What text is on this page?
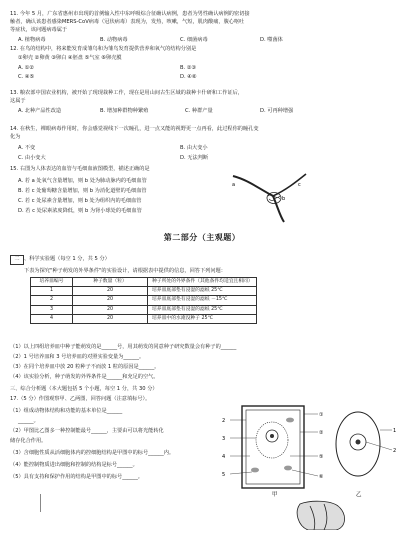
11. 今年 5 月，广东省惠州市出现的首例输入性中东呼吸综合征确认病例，患者为男性确认病例的密切接
触者，确认该患者感染MERS-CoV病毒（冠状病毒）表现为，发热，咳嗽，气短，肌肉酸痛，腹心呕吐
等症状，该问题病毒属于
A. 植物病毒	B. 动物病毒	C. 细菌病毒	D. 噬菌体
12. 在鸟的结构中，将来能发育成雏鸟和为雏鸟发育提供营养和氧气的结构分别是
①卵壳 ②卵黄 ③卵白 ④胚盘 ⑤气室 ⑥卵壳膜
A. ①②	B. ②③
C. ④⑤	D. ④⑥
13. 粮农部中国农业机构，被开始了现现栽种工作，现在是用山间古生区域的栽种卡什研和工作证后，
这属于
A. 北种产品性改造	B. 增加种群物种繁殖	C. 种群产量	D. 可再种增强
14. 在秋生，裸眼病毒作用时，你会感觉视线下一次瞳孔，进一点又能的视野更一点再看，此过程你的瞳孔变
化为
A. 不变	B. 由大变小
C. 由小变大	D. 无法判断
15. 右图为人体表达的血管与毛细血液图模型，描述正确的是
A. 若 a 处氧气含量增加，则 b 处为肺动脉内的毛细血管
B. 若 c 处葡萄糖含量增加，则 b 为消化道壁的毛细血管
C. 若 c 处尿素含量增加，则 b 处为组织内的毛细血管
D. 若 c 处尿素浓度降低，则 b 为肾小球处的毛细血管
a
b
c
第二部分（主观题）
二 、科学实验题（每空 1 分，共 5 分）
下表为探究"种子萌发的外界条件"的实验设计，请根据表中提供的信息，回答下列问题：
培养皿编号	种子数量（粒）	种子所处的外界条件（其他条件均适宜且相同）
1	20	培养皿底部垫有浸湿的滤纸 25℃
2	20	培养皿底部垫有浸湿的滤纸 －15℃
3	20	培养皿底部垫有浸湿的滤纸 25℃
4	20	培养皿中的水淹没种子 25℃
（1）以上四组培养皿中种子能萌发的是______号，用其萌发的同意种子研究数量会有种子的______
（2）1 号培养皿和 3 号培养皿的对照实验变量为______。
（3）在同个培养皿中放 20 粒种子不而放 1 粒的原因是______。
（4）该实验分析，种子萌发的外界条件是______和充足的空气。
三、综合分析题（本大题包括 5 个小题，每空 1 分，共 30 分）
17.（5 分）作图观察甲、乙两图，回答问题（注意填标号）。
（1）组成动物体结构和功能的基本单位是______
______。
（2）甲图比乙图多一种控制能最号______，主要由可以将光能转化
储存化合作用。
（3）含细胞性质从活细胞体内的控细胞结构是甲图中的标号______内。
（4）能控制物质进出细胞和控制的结构是标号______。
（5）具有支持和保护作用的结构是甲图中的标号______。
2
3
4
5
①
②
⑤
⑥
1
2
甲	乙
